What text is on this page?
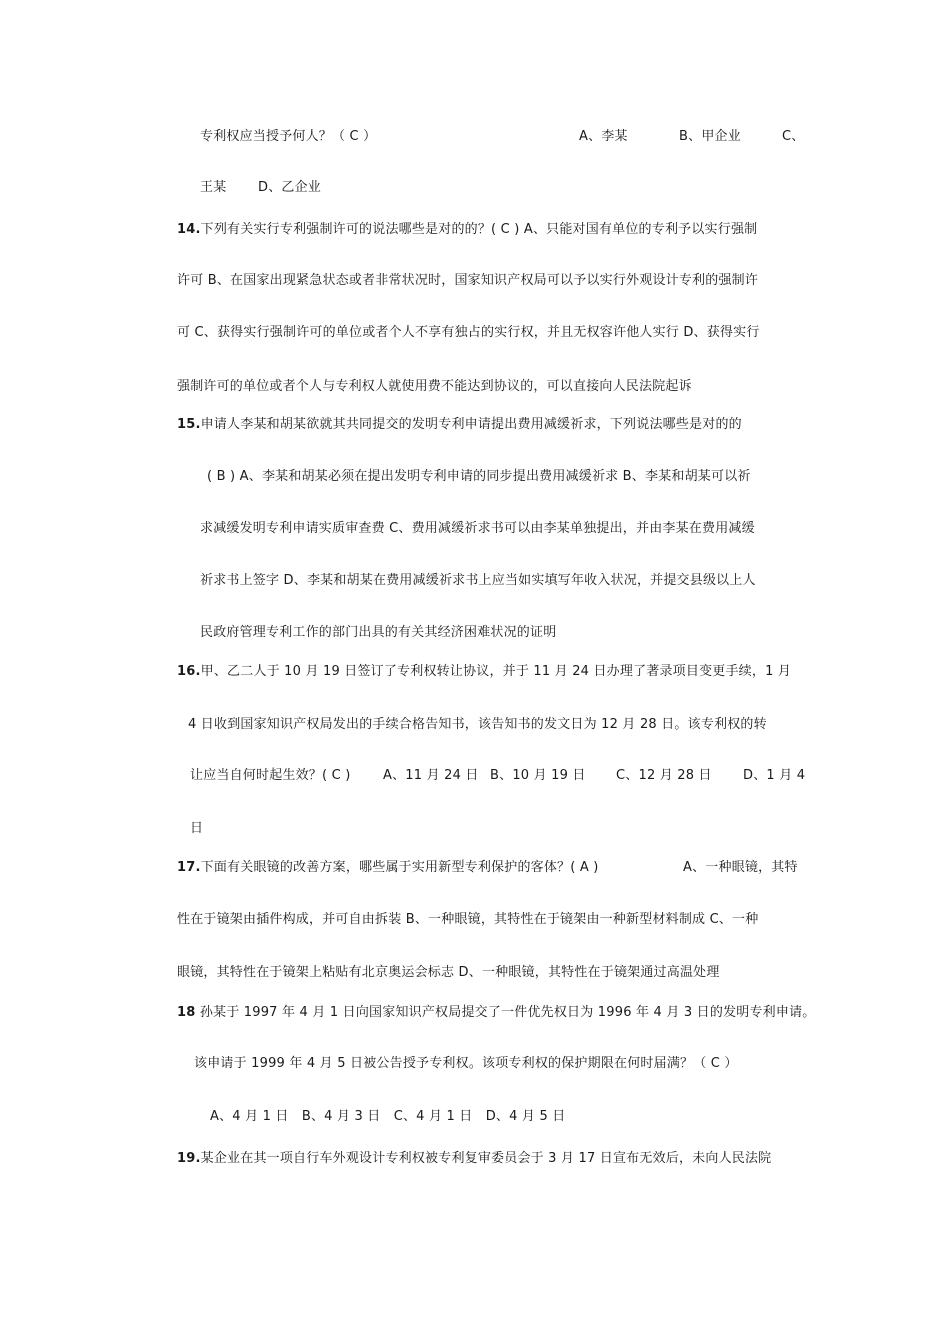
专利权应当授予何人？（ C ）	A、李某	B、甲企业	C、
王某 D、乙企业
14.下列有关实行专利强制许可的说法哪些是对的的？( C ) A、只能对国有单位的专利予以实行强制
许可 B、在国家出现紧急状态或者非常状况时，国家知识产权局可以予以实行外观设计专利的强制许
可 C、获得实行强制许可的单位或者个人不享有独占的实行权，并且无权容许他人实行 D、获得实行
强制许可的单位或者个人与专利权人就使用费不能达到协议的，可以直接向人民法院起诉
15.申请人李某和胡某欲就其共同提交的发明专利申请提出费用减缓祈求，下列说法哪些是对的的
( B ) A、李某和胡某必须在提出发明专利申请的同步提出费用减缓祈求 B、李某和胡某可以祈
求减缓发明专利申请实质审查费 C、费用减缓祈求书可以由李某单独提出，并由李某在费用减缓
祈求书上签字 D、李某和胡某在费用减缓祈求书上应当如实填写年收入状况，并提交县级以上人
民政府管理专利工作的部门出具的有关其经济困难状况的证明
16.甲、乙二人于 10 月 19 日签订了专利权转让协议，并于 11 月 24 日办理了著录项目变更手续，1 月
4 日收到国家知识产权局发出的手续合格告知书，该告知书的发文日为 12 月 28 日。该专利权的转
让应当自何时起生效？( C )	A、11 月 24 日 B、10 月 19 日 C、12 月 28 日 D、1 月 4
日
17.下面有关眼镜的改善方案，哪些属于实用新型专利保护的客体？( A )	A、一种眼镜，其特
性在于镜架由插件构成，并可自由拆装 B、一种眼镜，其特性在于镜架由一种新型材料制成 C、一种
眼镜，其特性在于镜架上粘贴有北京奥运会标志 D、一种眼镜，其特性在于镜架通过高温处理
18 孙某于 1997 年 4 月 1 日向国家知识产权局提交了一件优先权日为 1996 年 4 月 3 日的发明专利申请。
该申请于 1999 年 4 月 5 日被公告授予专利权。该项专利权的保护期限在何时届满？（ C ）
A、4 月 1 日　B、4 月 3 日　C、4 月 1 日　D、4 月 5 日
19.某企业在其一项自行车外观设计专利权被专利复审委员会于 3 月 17 日宣布无效后，未向人民法院
